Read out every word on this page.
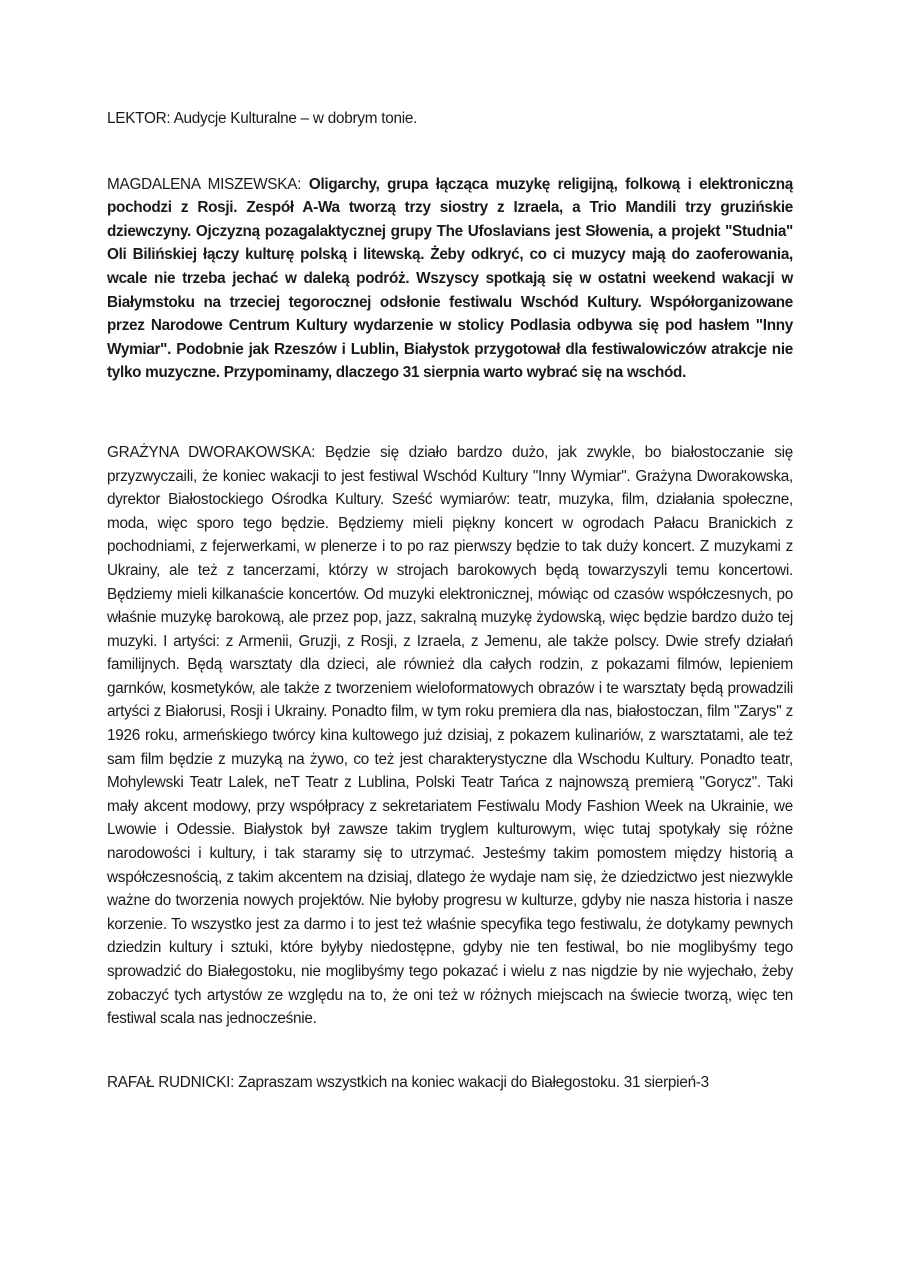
LEKTOR: Audycje Kulturalne – w dobrym tonie.

MAGDALENA MISZEWSKA: Oligarchy, grupa łącząca muzykę religijną, folkową i elektroniczną pochodzi z Rosji. Zespół A-Wa tworzą trzy siostry z Izraela, a Trio Mandili trzy gruzińskie dziewczyny. Ojczyzną pozagalaktycznej grupy The Ufoslavians jest Słowenia, a projekt "Studnia" Oli Bilińskiej łączy kulturę polską i litewską. Żeby odkryć, co ci muzycy mają do zaoferowania, wcale nie trzeba jechać w daleką podróż. Wszyscy spotkają się w ostatni weekend wakacji w Białymstoku na trzeciej tegorocznej odsłonie festiwalu Wschód Kultury. Współorganizowane przez Narodowe Centrum Kultury wydarzenie w stolicy Podlasia odbywa się pod hasłem "Inny Wymiar". Podobnie jak Rzeszów i Lublin, Białystok przygotował dla festiwalowiczów atrakcje nie tylko muzyczne. Przypominamy, dlaczego 31 sierpnia warto wybrać się na wschód.

GRAŻYNA DWORAKOWSKA: Będzie się działo bardzo dużo, jak zwykle, bo białostoczanie się przyzwyczaili, że koniec wakacji to jest festiwal Wschód Kultury "Inny Wymiar". Grażyna Dworakowska, dyrektor Białostockiego Ośrodka Kultury. Sześć wymiarów: teatr, muzyka, film, działania społeczne, moda, więc sporo tego będzie. Będziemy mieli piękny koncert w ogrodach Pałacu Branickich z pochodniami, z fejerwerkami, w plenerze i to po raz pierwszy będzie to tak duży koncert. Z muzykami z Ukrainy, ale też z tancerzami, którzy w strojach barokowych będą towarzyszyli temu koncertowi. Będziemy mieli kilkanaście koncertów. Od muzyki elektronicznej, mówiąc od czasów współczesnych, po właśnie muzykę barokową, ale przez pop, jazz, sakralną muzykę żydowską, więc będzie bardzo dużo tej muzyki. I artyści: z Armenii, Gruzji, z Rosji, z Izraela, z Jemenu, ale także polscy. Dwie strefy działań familijnych. Będą warsztaty dla dzieci, ale również dla całych rodzin, z pokazami filmów, lepieniem garnków, kosmetyków, ale także z tworzeniem wieloformatowych obrazów i te warsztaty będą prowadzili artyści z Białorusi, Rosji i Ukrainy. Ponadto film, w tym roku premiera dla nas, białostoczan, film "Zarys" z 1926 roku, armeńskiego twórcy kina kultowego już dzisiaj, z pokazem kulinariów, z warsztatami, ale też sam film będzie z muzyką na żywo, co też jest charakterystyczne dla Wschodu Kultury. Ponadto teatr, Mohylewski Teatr Lalek, neT Teatr z Lublina, Polski Teatr Tańca z najnowszą premierą "Gorycz". Taki mały akcent modowy, przy współpracy z sekretariatem Festiwalu Mody Fashion Week na Ukrainie, we Lwowie i Odessie. Białystok był zawsze takim tryglem kulturowym, więc tutaj spotykały się różne narodowości i kultury, i tak staramy się to utrzymać. Jesteśmy takim pomostem między historią a współczesnością, z takim akcentem na dzisiaj, dlatego że wydaje nam się, że dziedzictwo jest niezwykle ważne do tworzenia nowych projektów. Nie byłoby progresu w kulturze, gdyby nie nasza historia i nasze korzenie. To wszystko jest za darmo i to jest też właśnie specyfika tego festiwalu, że dotykamy pewnych dziedzin kultury i sztuki, które byłyby niedostępne, gdyby nie ten festiwal, bo nie moglibyśmy tego sprowadzić do Białegostoku, nie moglibyśmy tego pokazać i wielu z nas nigdzie by nie wyjechało, żeby zobaczyć tych artystów ze względu na to, że oni też w różnych miejscach na świecie tworzą, więc ten festiwal scala nas jednocześnie.

RAFAŁ RUDNICKI: Zapraszam wszystkich na koniec wakacji do Białegostoku. 31 sierpień-3
